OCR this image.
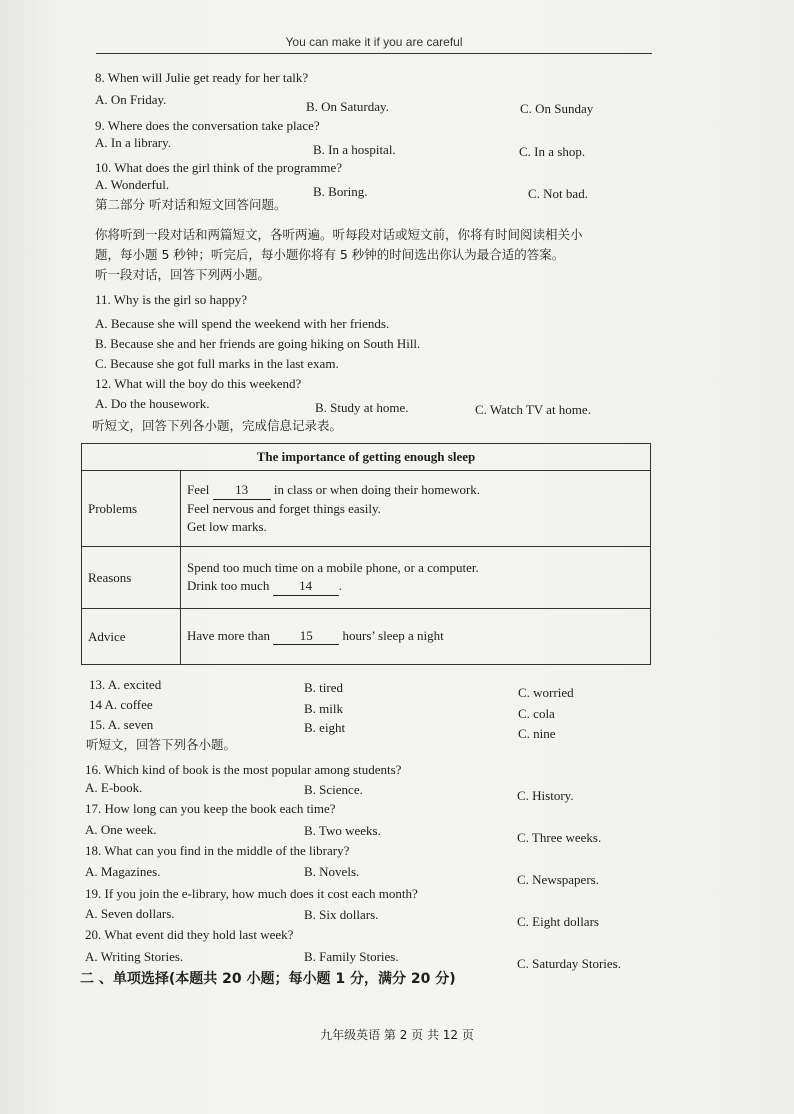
You can make it if you are careful
8. When will Julie get ready for her talk?
A. On Friday.	B. On Saturday.	C. On Sunday
9. Where does the conversation take place?
A. In a library.	B. In a hospital.	C. In a shop.
10. What does the girl think of the programme?
A. Wonderful.	B. Boring.	C. Not bad.
第二部分 听对话和短文回答问题。
你将听到一段对话和两篇短文，各听两遍。听每段对话或短文前，你将有时间阅读相关小
题，每小题 5 秒钟；听完后，每小题你将有 5 秒钟的时间选出你认为最合适的答案。
听一段对话，回答下列两小题。
11. Why is the girl so happy?
A. Because she will spend the weekend with her friends.
B. Because she and her friends are going hiking on South Hill.
C. Because she got full marks in the last exam.
12. What will the boy do this weekend?
A. Do the housework.	B. Study at home.	C. Watch TV at home.
听短文，回答下列各小题，完成信息记录表。
The importance of getting enough sleep	
Problems	Feel 13 in class or when doing their homework.
Feel nervous and forget things easily.
Get low marks.

Reasons	Spend too much time on a mobile phone, or a computer.
Drink too much 14 .

Advice	Have more than 15 hours’ sleep a night
13. A. excited	B. tired	C. worried
14 A. coffee	B. milk	C. cola
15. A. seven	B. eight	C. nine
听短文，回答下列各小题。
16. Which kind of book is the most popular among students?
A. E-book.	B. Science.	C. History.
17. How long can you keep the book each time?
A. One week.	B. Two weeks.	C. Three weeks.
18. What can you find in the middle of the library?
A. Magazines.	B. Novels.
C. Newspapers.
19. If you join the e-library, how much does it cost each month?
A. Seven dollars.	B. Six dollars.	C. Eight dollars
20. What event did they hold last week?
A. Writing Stories.	B. Family Stories.	C. Saturday Stories.
二 、单项选择(本题共 20 小题；每小题 1 分，满分 20 分)
九年级英语 第 2 页 共 12 页
